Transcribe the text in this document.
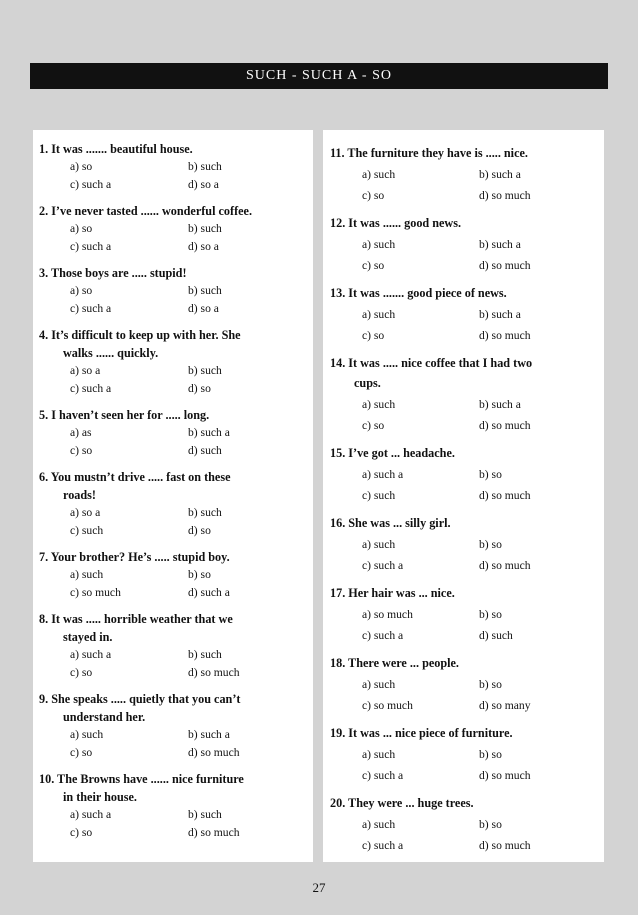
SUCH - SUCH A - SO
1. It was ....... beautiful house.
a) so	b) such
c) such a	d) so a
2. I’ve never tasted ...... wonderful coffee.
a) so	b) such
c) such a	d) so a
3. Those boys are ..... stupid!
a) so	b) such
c) such a	d) so a
4. It’s difficult to keep up with her. She
walks ...... quickly.
a) so a	b) such
c) such a	d) so
5. I haven’t seen her for ..... long.
a) as	b) such a
c) so	d) such
6. You mustn’t drive ..... fast on these
roads!
a) so a	b) such
c) such	d) so
7. Your brother? He’s ..... stupid boy.
a) such	b) so
c) so much	d) such a
8. It was ..... horrible weather that we
stayed in.
a) such a	b) such
c) so	d) so much
9. She speaks ..... quietly that you can’t
understand her.
a) such	b) such a
c) so	d) so much
10. The Browns have ...... nice furniture
in their house.
a) such a	b) such
c) so	d) so much
11. The furniture they have is ..... nice.
a) such	b) such a
c) so	d) so much
12. It was ...... good news.
a) such	b) such a
c) so	d) so much
13. It was ....... good piece of news.
a) such	b) such a
c) so	d) so much
14. It was ..... nice coffee that I had two
cups.
a) such	b) such a
c) so	d) so much
15. I’ve got ... headache.
a) such a	b) so
c) such	d) so much
16. She was ... silly girl.
a) such	b) so
c) such a	d) so much
17. Her hair was ... nice.
a) so much	b) so
c) such a	d) such
18. There were ... people.
a) such	b) so
c) so much	d) so many
19. It was ... nice piece of furniture.
a) such	b) so
c) such a	d) so much
20. They were ... huge trees.
a) such	b) so
c) such a	d) so much
27
